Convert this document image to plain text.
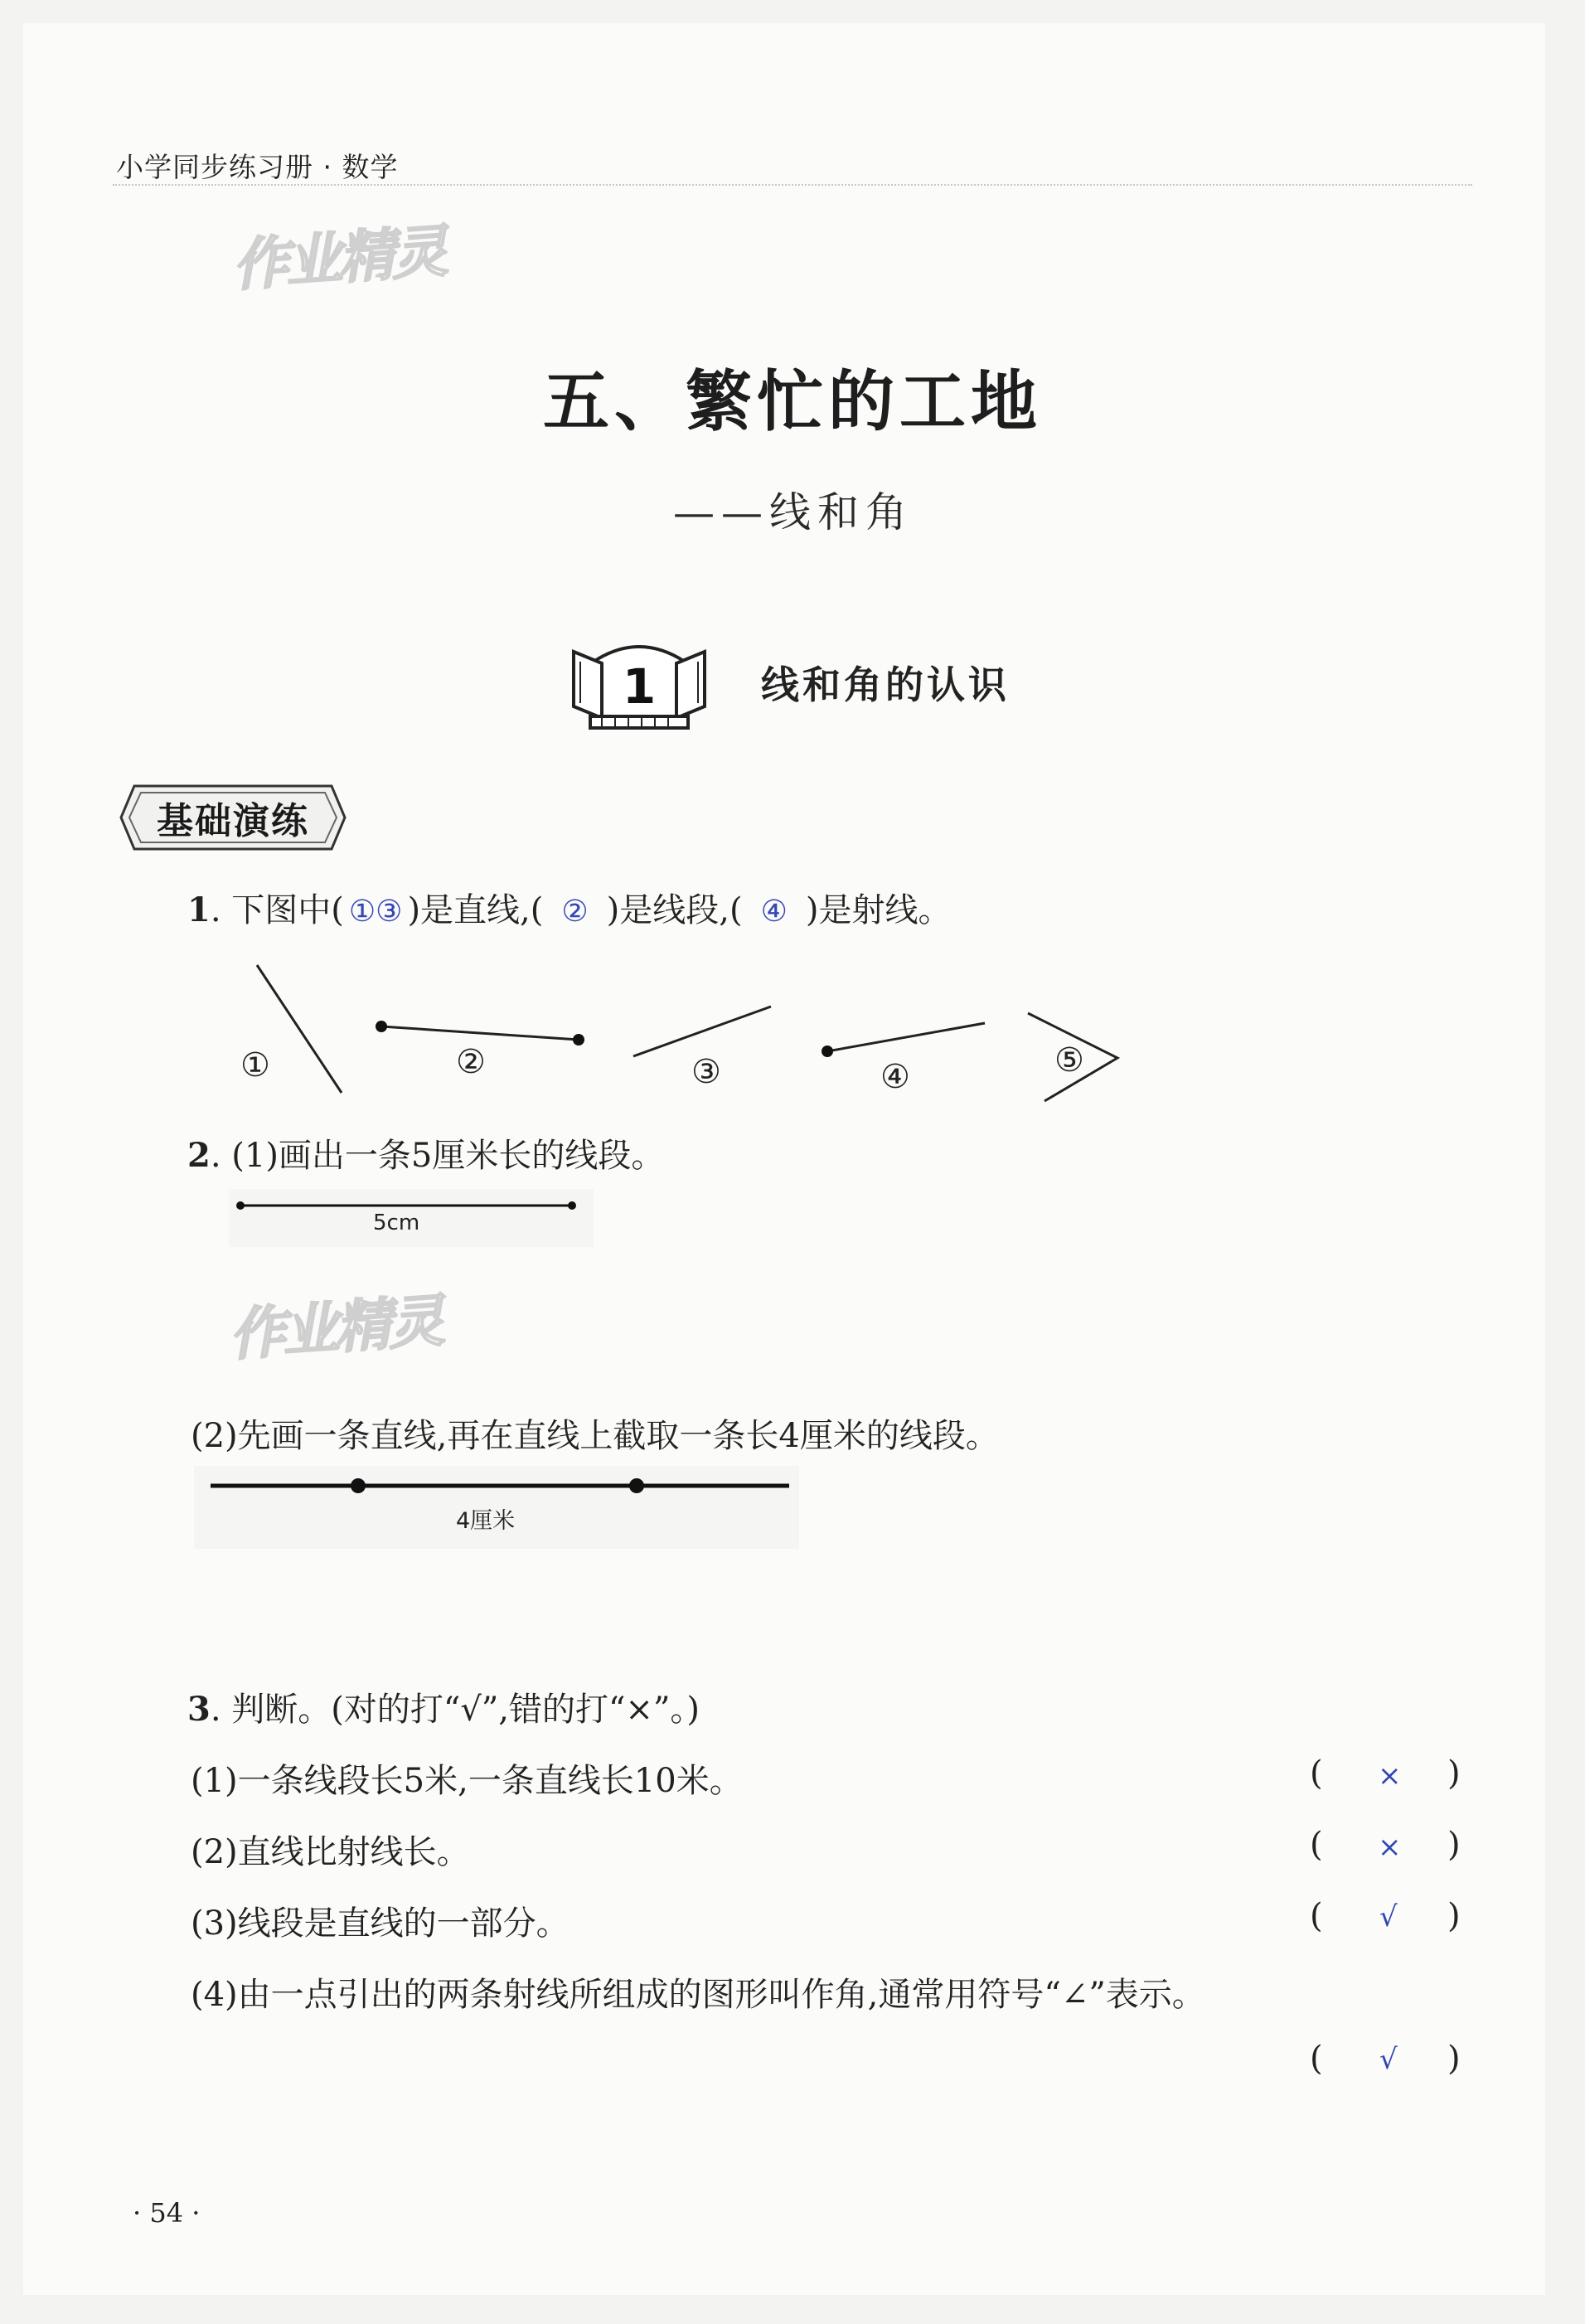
小学同步练习册 · 数学
作业精灵
作业精灵
五、繁忙的工地
——线和角
1	线和角的认识
基础演练
1. 下图中( ①③ )是直线,( ② )是线段,( ④ )是射线。
①	②	③	④	⑤
2. (1)画出一条5厘米长的线段。
5cm
(2)先画一条直线,再在直线上截取一条长4厘米的线段。
4厘米
3. 判断。(对的打“√”,错的打“×”。)
(1)一条线段长5米,一条直线长10米。	( × )
(2)直线比射线长。	( × )
(3)线段是直线的一部分。	( √ )
(4)由一点引出的两条射线所组成的图形叫作角,通常用符号“∠”表示。
( √ )
· 54 ·
